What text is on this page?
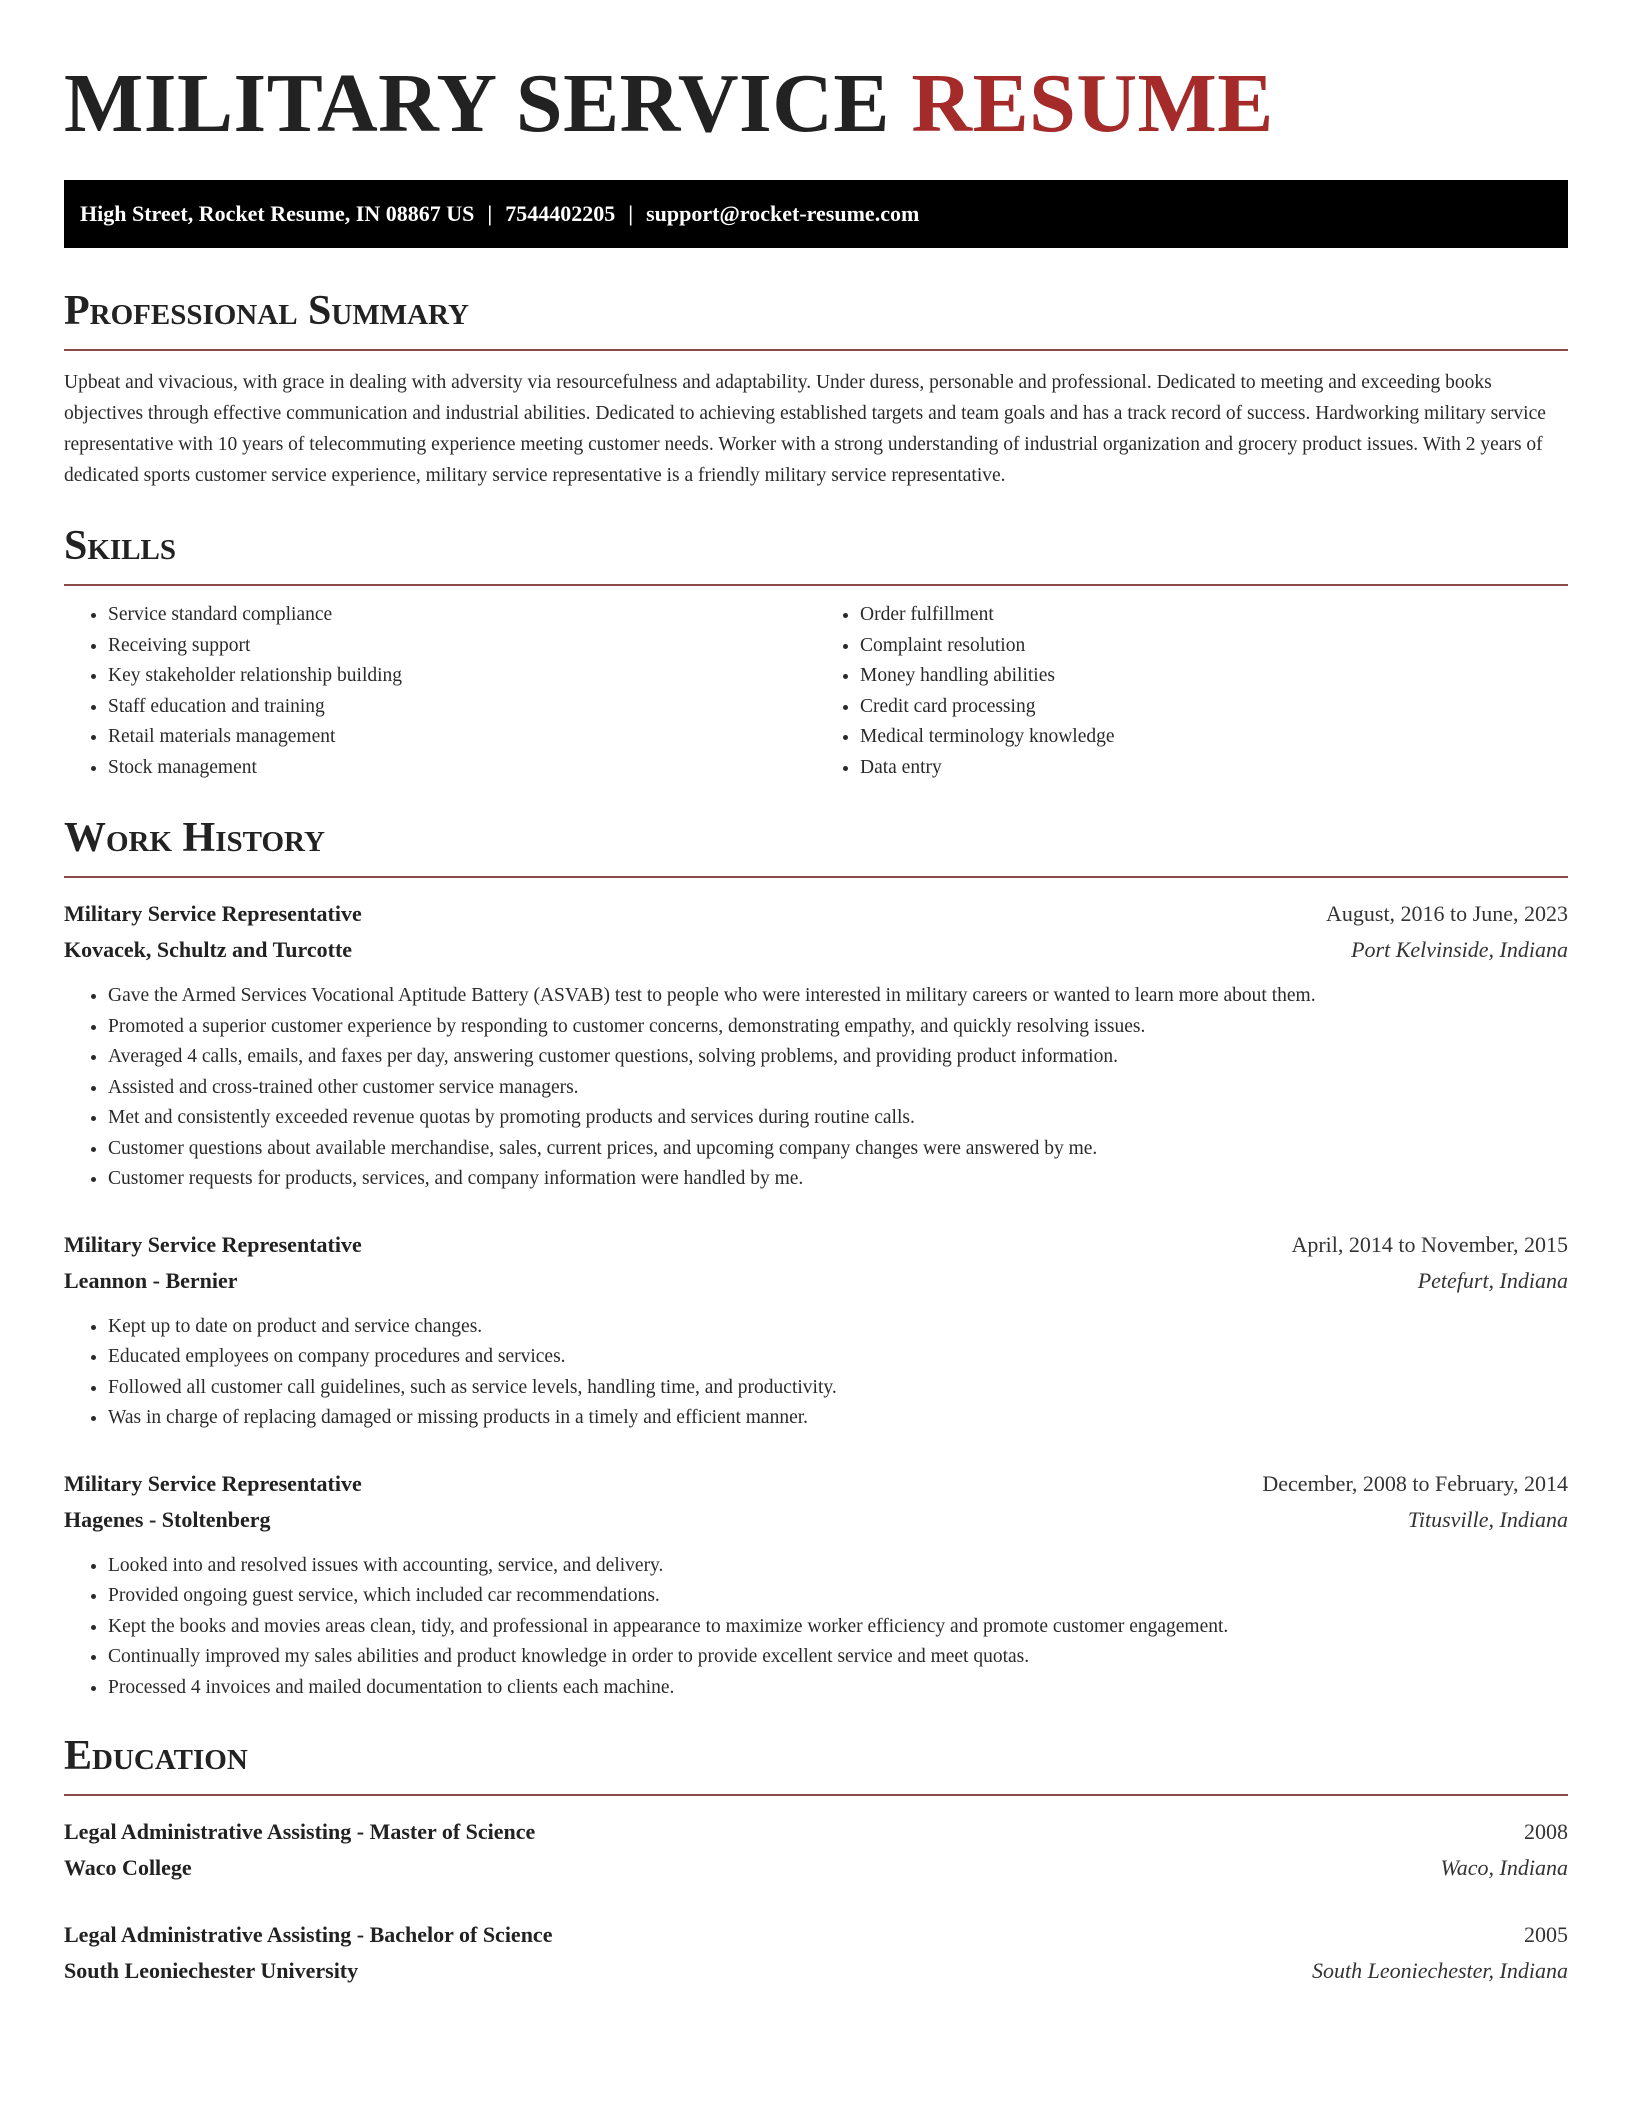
MILITARY SERVICE RESUME
High Street, Rocket Resume, IN 08867 US | 7544402205 | support@rocket-resume.com
Professional Summary

Upbeat and vivacious, with grace in dealing with adversity via resourcefulness and adaptability. Under duress, personable and professional. Dedicated to meeting and exceeding books objectives through effective communication and industrial abilities. Dedicated to achieving established targets and team goals and has a track record of success. Hardworking military service representative with 10 years of telecommuting experience meeting customer needs. Worker with a strong understanding of industrial organization and grocery product issues. With 2 years of dedicated sports customer service experience, military service representative is a friendly military service representative.

Skills
• Service standard compliance
• Receiving support
• Key stakeholder relationship building
• Staff education and training
• Retail materials management
• Stock management
• Order fulfillment
• Complaint resolution
• Money handling abilities
• Credit card processing
• Medical terminology knowledge
• Data entry
Work History
Military Service Representative	August, 2016 to June, 2023
Kovacek, Schultz and Turcotte	Port Kelvinside, Indiana
• Gave the Armed Services Vocational Aptitude Battery (ASVAB) test to people who were interested in military careers or wanted to learn more about them.
• Promoted a superior customer experience by responding to customer concerns, demonstrating empathy, and quickly resolving issues.
• Averaged 4 calls, emails, and faxes per day, answering customer questions, solving problems, and providing product information.
• Assisted and cross-trained other customer service managers.
• Met and consistently exceeded revenue quotas by promoting products and services during routine calls.
• Customer questions about available merchandise, sales, current prices, and upcoming company changes were answered by me.
• Customer requests for products, services, and company information were handled by me.
Military Service Representative	April, 2014 to November, 2015
Leannon - Bernier	Petefurt, Indiana
• Kept up to date on product and service changes.
• Educated employees on company procedures and services.
• Followed all customer call guidelines, such as service levels, handling time, and productivity.
• Was in charge of replacing damaged or missing products in a timely and efficient manner.
Military Service Representative	December, 2008 to February, 2014
Hagenes - Stoltenberg	Titusville, Indiana
• Looked into and resolved issues with accounting, service, and delivery.
• Provided ongoing guest service, which included car recommendations.
• Kept the books and movies areas clean, tidy, and professional in appearance to maximize worker efficiency and promote customer engagement.
• Continually improved my sales abilities and product knowledge in order to provide excellent service and meet quotas.
• Processed 4 invoices and mailed documentation to clients each machine.
Education
Legal Administrative Assisting - Master of Science	2008
Waco College	Waco, Indiana
Legal Administrative Assisting - Bachelor of Science	2005
South Leoniechester University	South Leoniechester, Indiana
